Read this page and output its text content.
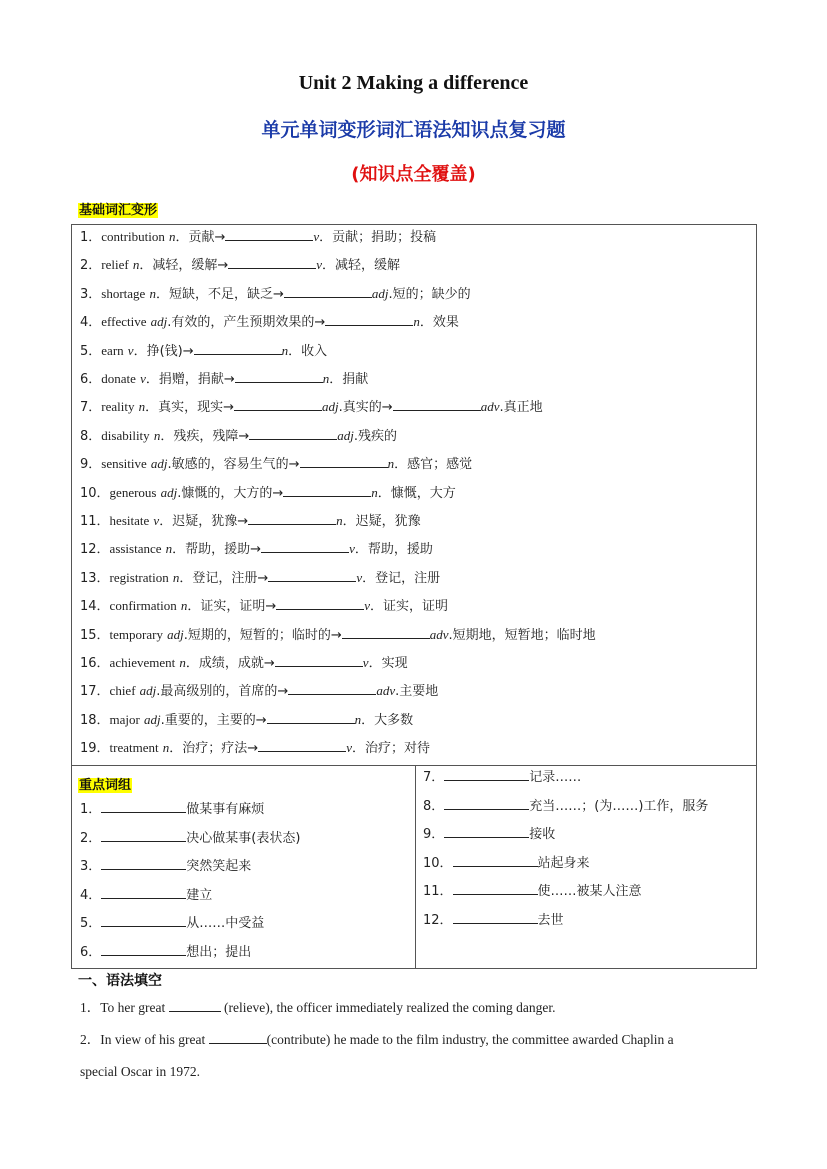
Unit 2 Making a difference
单元单词变形词汇语法知识点复习题
(知识点全覆盖)
基础词汇变形
1．contribution n．贡献→	v．贡献；捐助；投稿
2．relief n．减轻，缓解→	v．减轻，缓解
3．shortage n．短缺，不足，缺乏→	adj.短的；缺少的
4．effective adj.有效的，产生预期效果的→	n．效果
5．earn v．挣(钱)→	n．收入
6．donate v．捐赠，捐献→	n．捐献
7．reality n．真实，现实→	adj.真实的→	adv.真正地
8．disability n．残疾，残障→	adj.残疾的
9．sensitive adj.敏感的，容易生气的→	n．感官；感觉
10．generous adj.慷慨的，大方的→	n．慷慨，大方
11．hesitate v．迟疑，犹豫→	n．迟疑，犹豫
12．assistance n．帮助，援助→	v．帮助，援助
13．registration n．登记，注册→	v．登记，注册
14．confirmation n．证实，证明→	v．证实，证明
15．temporary adj.短期的，短暂的；临时的→	adv.短期地，短暂地；临时地
16．achievement n．成绩，成就→	v．实现
17．chief adj.最高级别的，首席的→	adv.主要地
18．major adj.重要的，主要的→	n．大多数
19．treatment n．治疗；疗法→	v．治疗；对待
重点词组
1．	做某事有麻烦
2．	决心做某事(表状态)
3．	突然笑起来
4．	建立
5．	从……中受益
6．	想出；提出
7．	记录……
8．	充当……；(为……)工作，服务
9．	接收
10．	站起身来
11．	使……被某人注意
12．	去世
一、语法填空
1．To her great	(relieve), the officer immediately realized the coming danger.
2．In view of his great	(contribute) he made to the film industry, the committee awarded Chaplin a
special Oscar in 1972.
